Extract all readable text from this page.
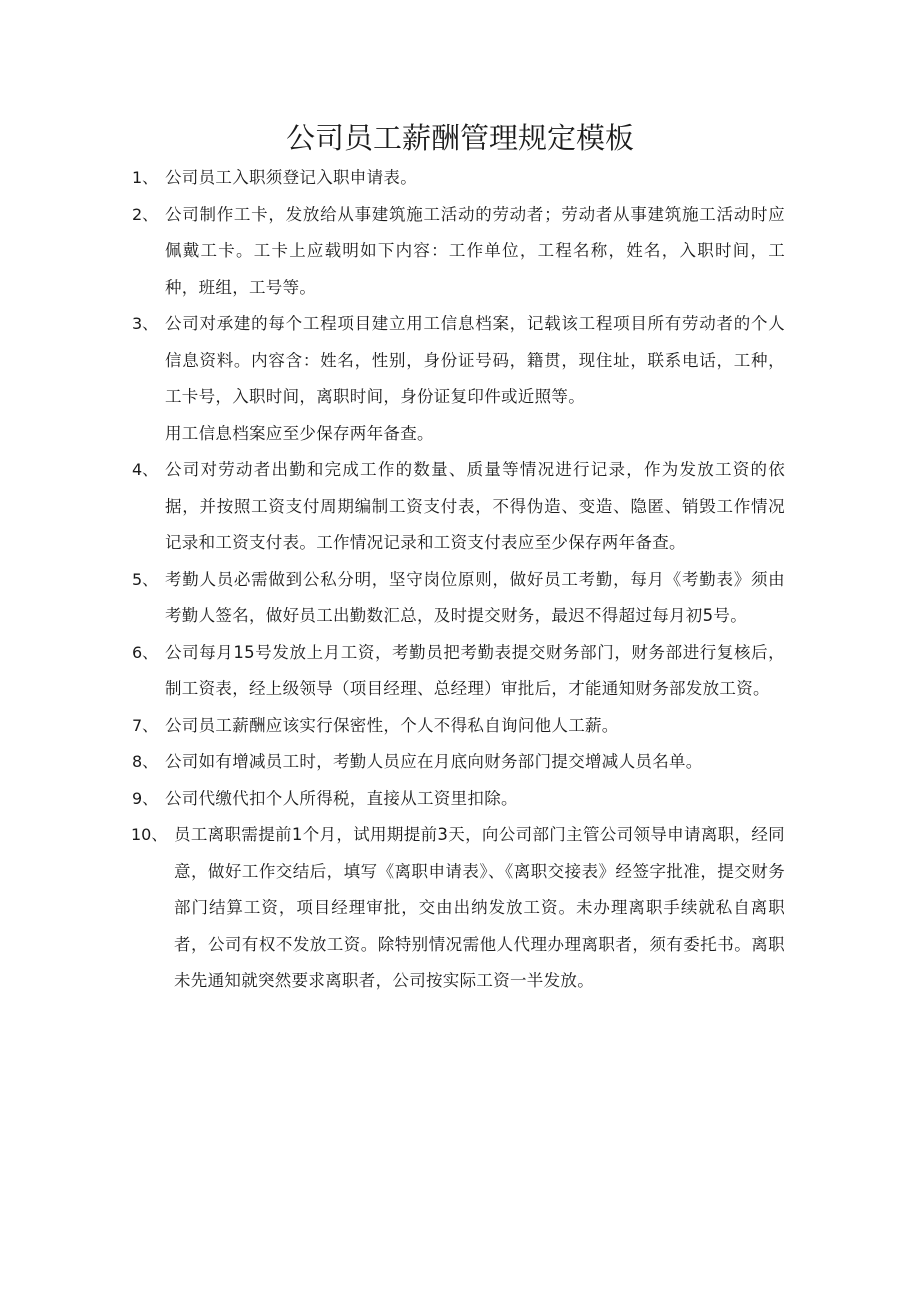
公司员工薪酬管理规定模板
1、 公司员工入职须登记入职申请表。
2、 公司制作工卡，发放给从事建筑施工活动的劳动者；劳动者从事建筑施工活动时应佩戴工卡。工卡上应载明如下内容：工作单位，工程名称，姓名，入职时间，工种，班组，工号等。
3、 公司对承建的每个工程项目建立用工信息档案，记载该工程项目所有劳动者的个人信息资料。内容含：姓名，性别，身份证号码，籍贯，现住址，联系电话，工种，工卡号，入职时间，离职时间，身份证复印件或近照等。
用工信息档案应至少保存两年备查。
4、 公司对劳动者出勤和完成工作的数量、质量等情况进行记录，作为发放工资的依据，并按照工资支付周期编制工资支付表，不得伪造、变造、隐匿、销毁工作情况记录和工资支付表。工作情况记录和工资支付表应至少保存两年备查。
5、 考勤人员必需做到公私分明，坚守岗位原则，做好员工考勤，每月《考勤表》须由考勤人签名，做好员工出勤数汇总，及时提交财务，最迟不得超过每月初5号。
6、 公司每月15号发放上月工资，考勤员把考勤表提交财务部门，财务部进行复核后，制工资表，经上级领导（项目经理、总经理）审批后，才能通知财务部发放工资。
7、 公司员工薪酬应该实行保密性，个人不得私自询问他人工薪。
8、 公司如有增减员工时，考勤人员应在月底向财务部门提交增减人员名单。
9、 公司代缴代扣个人所得税，直接从工资里扣除。
10、 员工离职需提前1个月，试用期提前3天，向公司部门主管公司领导申请离职，经同意，做好工作交结后，填写《离职申请表》、《离职交接表》经签字批准，提交财务部门结算工资，项目经理审批，交由出纳发放工资。未办理离职手续就私自离职者，公司有权不发放工资。除特别情况需他人代理办理离职者，须有委托书。离职未先通知就突然要求离职者，公司按实际工资一半发放。
